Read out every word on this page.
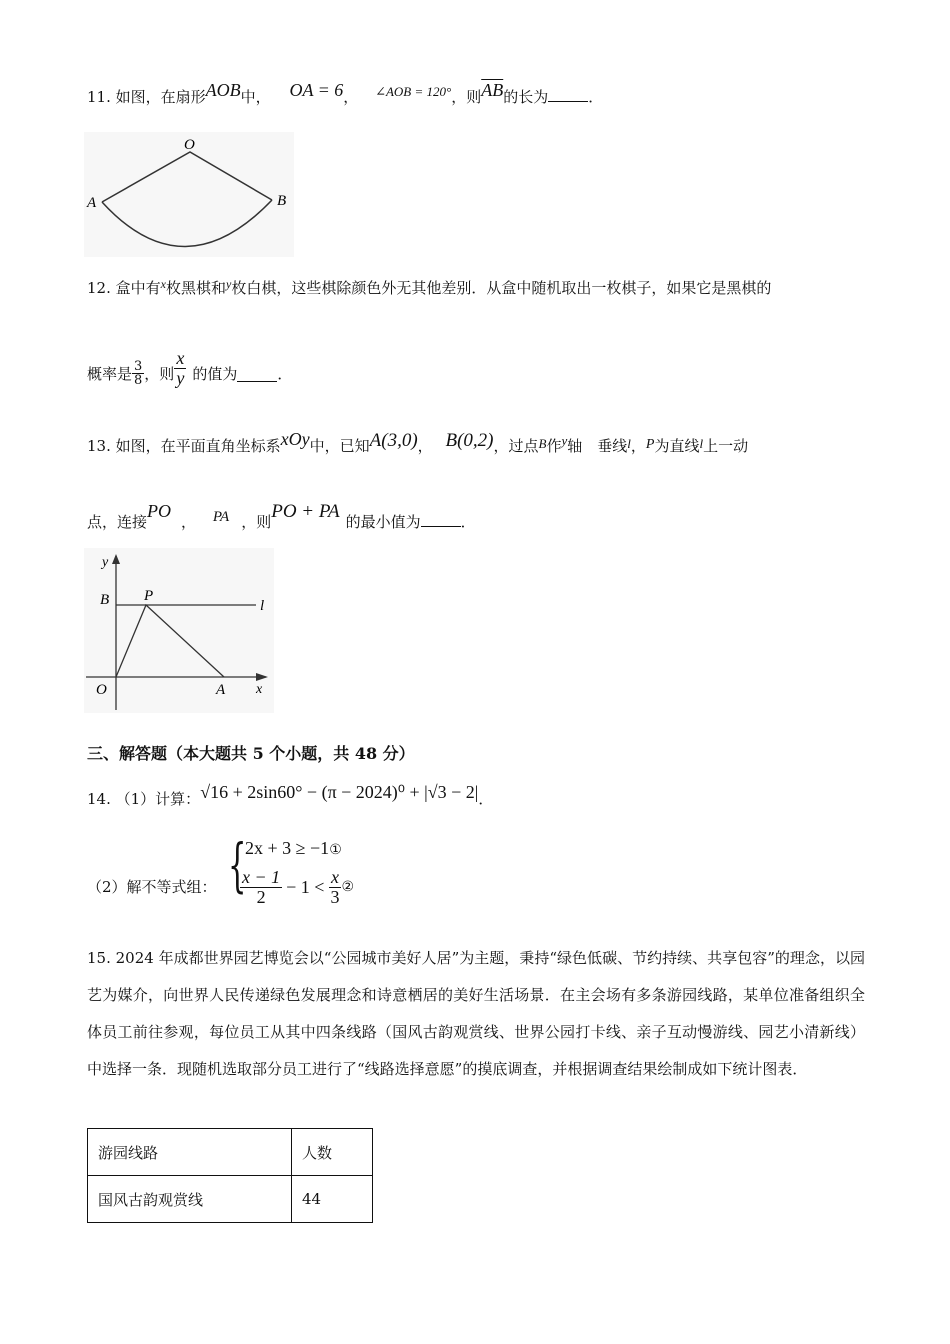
11. 如图，在扇形AOB中， OA = 6， ∠AOB = 120°，则$\overline{AB}$的长为	．
O
A	B
12. 盒中有$^x$枚黑棋和$^y$枚白棋，这些棋除颜色外无其他差别．从盒中随机取出一枚棋子，如果它是黑棋的
概率是 $\frac{3}{8}$ ，则 $\frac{x}{y}$ 的值为	．
13. 如图，在平面直角坐标系xOy中，已知A(3,0)， B(0,2)，过点B作y轴　垂线l，P为直线l上一动
点，连接PO， PA ，则PO + PA 的最小值为	．
y
x
O	A
B P
l
三、解答题（本大题共 5 个小题，共 48 分）
14. （1）计算：√16 + 2sin60° − (π − 2024)⁰ + |√3 − 2|．
（2）解不等式组： {
2x + 3 ≥ −1①
$\frac{x - 1}{2} - 1 < \frac{x}{3}$ ②
15. 2024 年成都世界园艺博览会以“公园城市美好人居”为主题，秉持“绿色低碳、节约持续、共享包容”的理念，以园艺为媒介，向世界人民传递绿色发展理念和诗意栖居的美好生活场景．在主会场有多条游园线路，某单位准备组织全体员工前往参观，每位员工从其中四条线路（国风古韵观赏线、世界公园打卡线、亲子互动慢游线、园艺小清新线）中选择一条．现随机选取部分员工进行了“线路选择意愿”的摸底调查，并根据调查结果绘制成如下统计图表．
游园线路	人数
国风古韵观赏线	44
